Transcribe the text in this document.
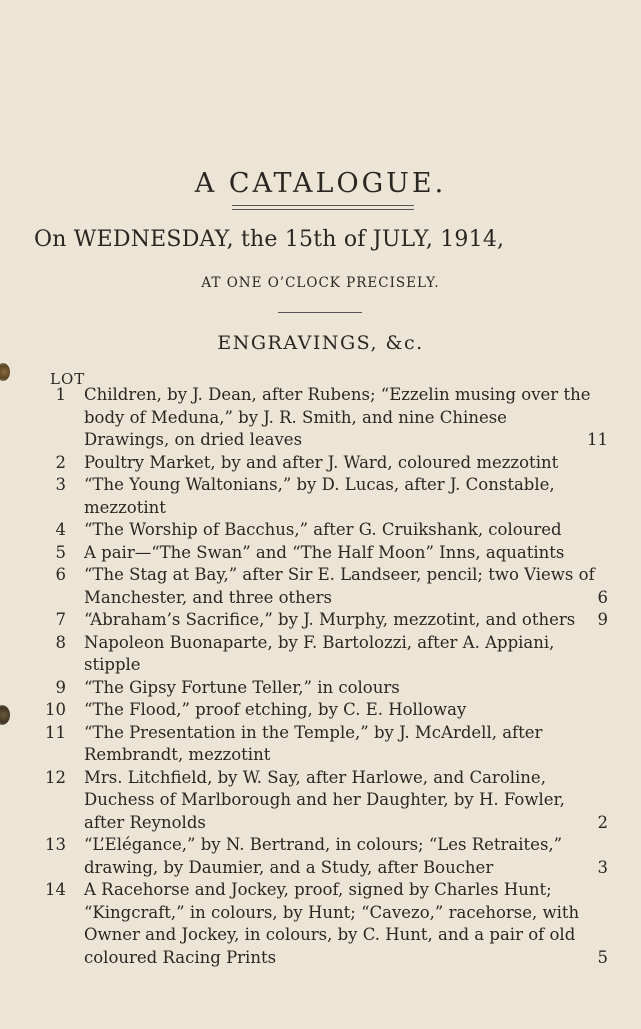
A CATALOGUE.
On WEDNESDAY, the 15th of JULY, 1914,
AT ONE O’CLOCK PRECISELY.
ENGRAVINGS, &c.
LOT
1 Children, by J. Dean, after Rubens; “Ezzelin musing over the body of Meduna,” by J. R. Smith, and nine Chinese Drawings, on dried leaves	11
2 Poultry Market, by and after J. Ward, coloured mezzotint
3 “The Young Waltonians,” by D. Lucas, after J. Constable, mezzotint
4 “The Worship of Bacchus,” after G. Cruikshank, coloured
5 A pair—“The Swan” and “The Half Moon” Inns, aquatints
6 “The Stag at Bay,” after Sir E. Landseer, pencil; two Views of Manchester, and three others	6
7 “Abraham’s Sacrifice,” by J. Murphy, mezzotint, and others	9
8 Napoleon Buonaparte, by F. Bartolozzi, after A. Appiani, stipple
9 “The Gipsy Fortune Teller,” in colours
10 “The Flood,” proof etching, by C. E. Holloway
11 “The Presentation in the Temple,” by J. McArdell, after Rembrandt, mezzotint
12 Mrs. Litchfield, by W. Say, after Harlowe, and Caroline, Duchess of Marlborough and her Daughter, by H. Fowler, after Reynolds	2
13 “L’Elégance,” by N. Bertrand, in colours; “Les Retraites,” drawing, by Daumier, and a Study, after Boucher	3
14 A Racehorse and Jockey, proof, signed by Charles Hunt; “Kingcraft,” in colours, by Hunt; “Cavezo,” racehorse, with Owner and Jockey, in colours, by C. Hunt, and a pair of old coloured Racing Prints	5
